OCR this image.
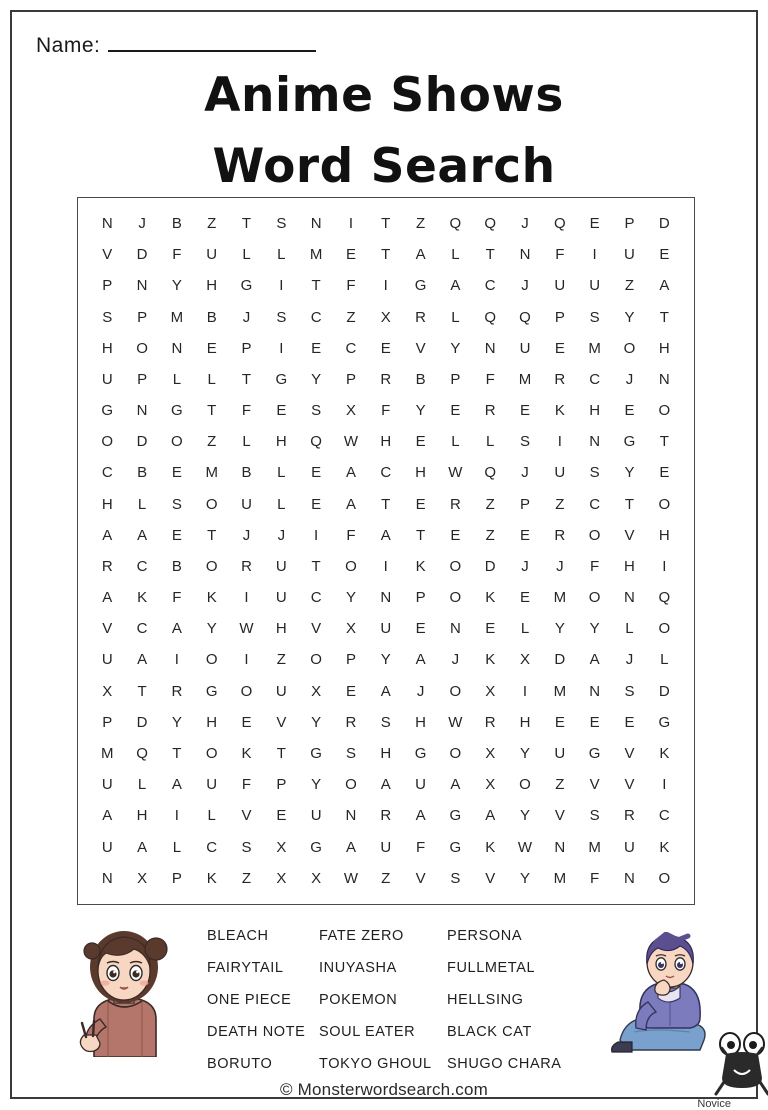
Name:
Anime Shows
Word Search
N	J	B	Z	T	S	N	I	T	Z	Q	Q	J	Q	E	P	D
V	D	F	U	L	L	M	E	T	A	L	T	N	F	I	U	E
P	N	Y	H	G	I	T	F	I	G	A	C	J	U	U	Z	A
S	P	M	B	J	S	C	Z	X	R	L	Q	Q	P	S	Y	T
H	O	N	E	P	I	E	C	E	V	Y	N	U	E	M	O	H
U	P	L	L	T	G	Y	P	R	B	P	F	M	R	C	J	N
G	N	G	T	F	E	S	X	F	Y	E	R	E	K	H	E	O
O	D	O	Z	L	H	Q	W	H	E	L	L	S	I	N	G	T
C	B	E	M	B	L	E	A	C	H	W	Q	J	U	S	Y	E
H	L	S	O	U	L	E	A	T	E	R	Z	P	Z	C	T	O
A	A	E	T	J	J	I	F	A	T	E	Z	E	R	O	V	H
R	C	B	O	R	U	T	O	I	K	O	D	J	J	F	H	I
A	K	F	K	I	U	C	Y	N	P	O	K	E	M	O	N	Q
V	C	A	Y	W	H	V	X	U	E	N	E	L	Y	Y	L	O
U	A	I	O	I	Z	O	P	Y	A	J	K	X	D	A	J	L
X	T	R	G	O	U	X	E	A	J	O	X	I	M	N	S	D
P	D	Y	H	E	V	Y	R	S	H	W	R	H	E	E	E	G
M	Q	T	O	K	T	G	S	H	G	O	X	Y	U	G	V	K
U	L	A	U	F	P	Y	O	A	U	A	X	O	Z	V	V	I
A	H	I	L	V	E	U	N	R	A	G	A	Y	V	S	R	C
U	A	L	C	S	X	G	A	U	F	G	K	W	N	M	U	K
N	X	P	K	Z	X	X	W	Z	V	S	V	Y	M	F	N	O
BLEACH
FAIRYTAIL
ONE PIECE
DEATH NOTE
BORUTO
FATE ZERO
INUYASHA
POKEMON
SOUL EATER
TOKYO GHOUL
PERSONA
FULLMETAL
HELLSING
BLACK CAT
SHUGO CHARA
© Monsterwordsearch.com
Novice
